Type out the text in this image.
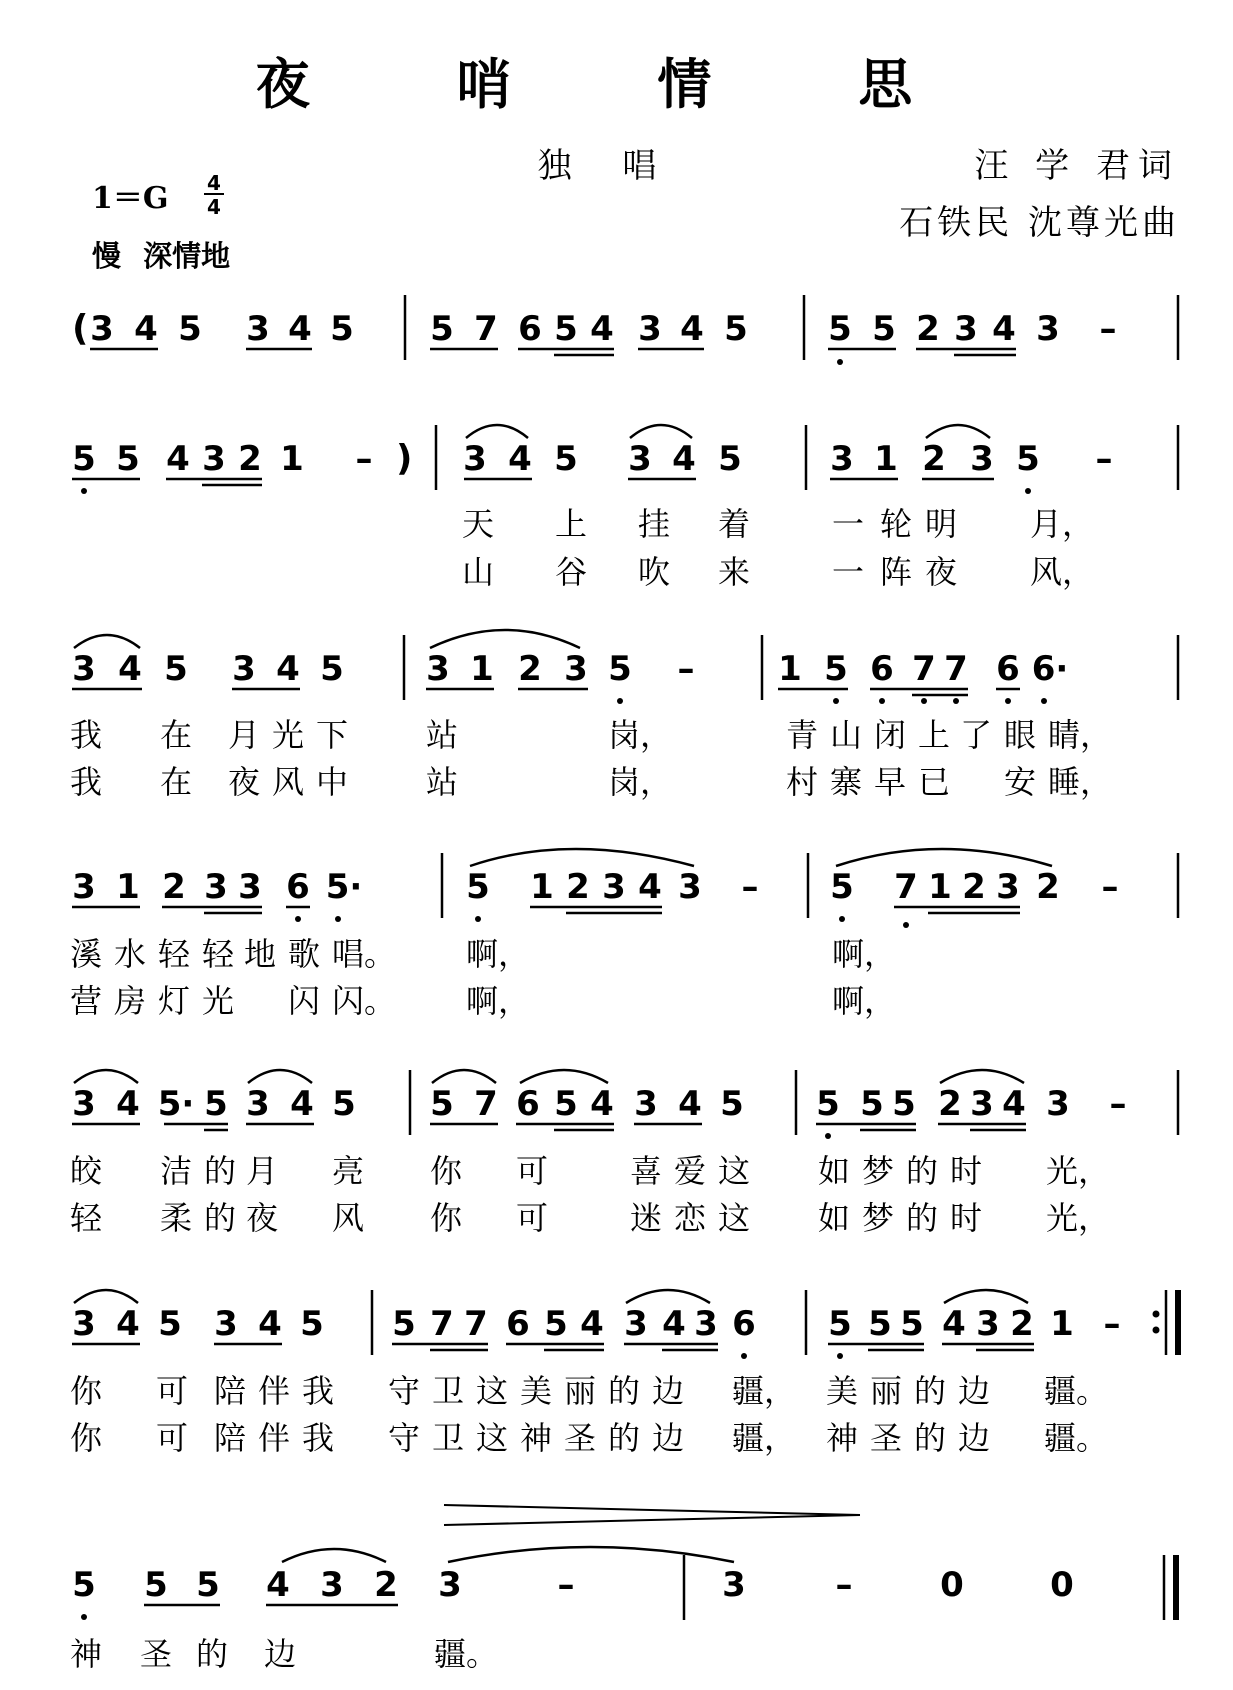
夜 哨 情 思
独 唱	汪 学 君词
石铁民 沈尊光曲
1＝G 4
4
慢 深情地
( 3 4 5 3 4 5 5 7 6 5 4 3 4 5 5 5 2 3 4 3 –
5 5 4 3 2 1 –	3 4 5 3 4 5	3 1 2 3 5 –
)
天 上 挂 着	一 轮 明 月，
山 谷 吹 来	一 阵 夜 风，
3 4 5 3 4 5 3 1 2 3 5 – 1 5 6 7 7 6 6·
我 在 月 光 下 站	岗，	青 山 闭 上 了 眼 睛，
我 在 夜 风 中 站	岗，	村 寨 早 已 安 睡，
3 1 2 3 3 6 5·	5 1 2 3 4 3 – 5 7 1 2 3 2 –
溪 水 轻 轻 地 歌 唱。 啊，	啊，
营 房 灯 光 闪 闪。 啊，	啊，
3 4 5· 5 3 4 5 5 7 6 5 4 3 4 5 5 5 5 2 3 4 3 –
皎 洁 的 月 亮 你 可	喜 爱 这 如 梦 的 时 光，
轻 柔 的 夜 风 你 可	迷 恋 这 如 梦 的 时 光，
3 4 5 3 4 5 5 7 7 6 5 4 3 4 3 6 5 5 5 4 3 2 1 –
你 可 陪 伴 我 守 卫 这 美 丽 的 边 疆， 美 丽 的 边 疆。
你 可 陪 伴 我 守 卫 这 神 圣 的 边 疆， 神 圣 的 边 疆。
5 5 5 4 3 2 3	–	3	–	0	0
神 圣 的 边	疆。
